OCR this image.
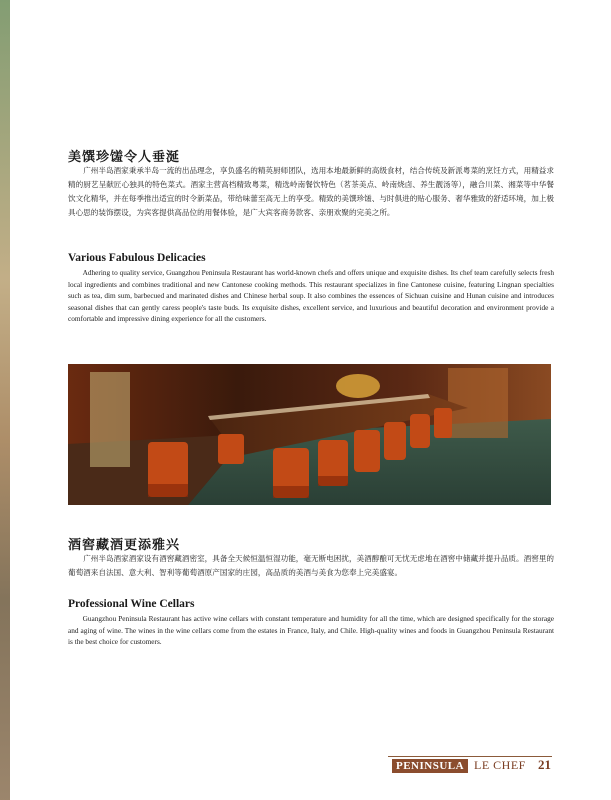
美馔珍馐令人垂涎

广州半岛酒家秉承半岛一流的出品理念，享负盛名的精英厨师团队，选用本地最新鲜的高级食材，结合传统及新派粤菜的烹饪方式，用精益求精的厨艺呈献匠心独具的特色菜式。酒家主营高档精致粤菜，精选岭南餐饮特色（茗茶美点、岭南烧卤、养生靓汤等），融合川菜、湘菜等中华餐饮文化精华，并在每季推出适宜的时令新菜品，带给味蕾至高无上的享受。精致的美馔珍馐、与时俱进的贴心服务、奢华雅致的舒适环境，加上极具心思的装饰摆设，为宾客提供高品位的用餐体验，是广大宾客商务款客、亲朋欢聚的完美之所。

Various Fabulous Delicacies

Adhering to quality service, Guangzhou Peninsula Restaurant has world-known chefs and offers unique and exquisite dishes. Its chef team carefully selects fresh local ingredients and combines traditional and new Cantonese cooking methods. This restaurant specializes in fine Cantonese cuisine, featuring Lingnan specialties such as tea, dim sum, barbecued and marinated dishes and Chinese herbal soup. It also combines the essences of Sichuan cuisine and Hunan cuisine and introduces seasonal dishes that can gently caress people's taste buds. Its exquisite dishes, excellent service, and luxurious and beautiful decoration and environment provide a comfortable and impressive dining experience for all the customers.

酒窖藏酒更添雅兴

广州半岛酒家酒家设有酒窖藏酒密室，具备全天候恒温恒湿功能，毫无断电困扰，美酒醇酿可无忧无虑地在酒窖中储藏并提升品质。酒窖里的葡萄酒来自法国、意大利、智利等葡萄酒原产国家的庄园，高品质的美酒与美食为您奉上完美盛宴。

Professional Wine Cellars

Guangzhou Peninsula Restaurant has active wine cellars with constant temperature and humidity for all the time, which are designed specifically for the storage and aging of wine. The wines in the wine cellars come from the estates in France, Italy, and Chile. High-quality wines and foods in Guangzhou Peninsula Restaurant is the best choice for customers.

PENINSULA LE CHEF 21
